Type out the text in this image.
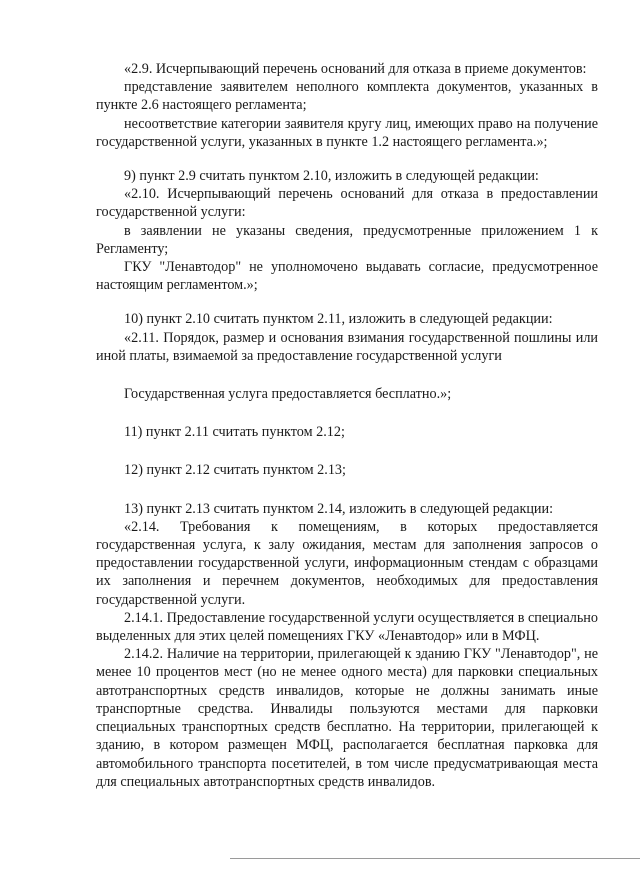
«2.9. Исчерпывающий перечень оснований для отказа в приеме документов:

представление заявителем неполного комплекта документов, указанных в пункте 2.6 настоящего регламента;

несоответствие категории заявителя кругу лиц, имеющих право на получение государственной услуги, указанных в пункте 1.2 настоящего регламента.»;

9) пункт 2.9 считать пунктом 2.10, изложить в следующей редакции:

«2.10. Исчерпывающий перечень оснований для отказа в предоставлении государственной услуги:

в заявлении не указаны сведения, предусмотренные приложением 1 к Регламенту;

ГКУ "Ленавтодор" не уполномочено выдавать согласие, предусмотренное настоящим регламентом.»;

10) пункт 2.10 считать пунктом 2.11, изложить в следующей редакции:

«2.11. Порядок, размер и основания взимания государственной пошлины или иной платы, взимаемой за предоставление государственной услуги

Государственная услуга предоставляется бесплатно.»;

11) пункт 2.11 считать пунктом 2.12;

12) пункт 2.12 считать пунктом 2.13;

13) пункт 2.13 считать пунктом 2.14, изложить в следующей редакции:

«2.14. Требования к помещениям, в которых предоставляется государственная услуга, к залу ожидания, местам для заполнения запросов о предоставлении государственной услуги, информационным стендам с образцами их заполнения и перечнем документов, необходимых для предоставления государственной услуги.

2.14.1. Предоставление государственной услуги осуществляется в специально выделенных для этих целей помещениях ГКУ «Ленавтодор» или в МФЦ.

2.14.2. Наличие на территории, прилегающей к зданию ГКУ "Ленавтодор", не менее 10 процентов мест (но не менее одного места) для парковки специальных автотранспортных средств инвалидов, которые не должны занимать иные транспортные средства. Инвалиды пользуются местами для парковки специальных транспортных средств бесплатно. На территории, прилегающей к зданию, в котором размещен МФЦ, располагается бесплатная парковка для автомобильного транспорта посетителей, в том числе предусматривающая места для специальных автотранспортных средств инвалидов.
